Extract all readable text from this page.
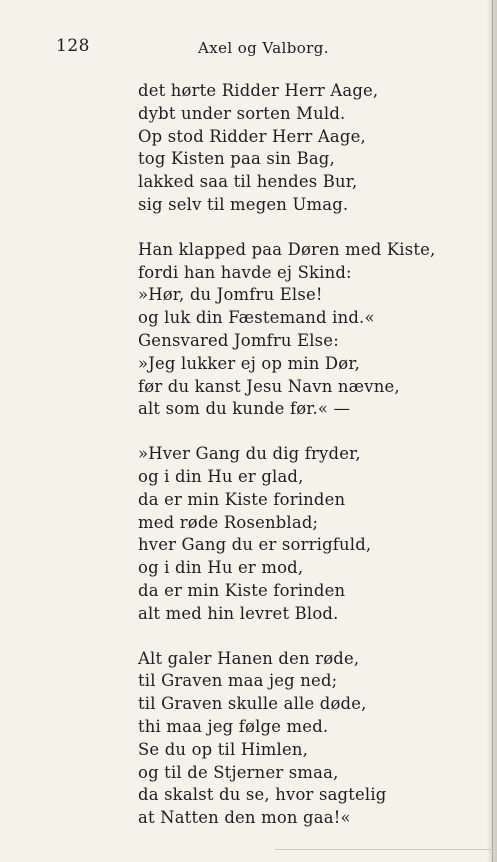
128	Axel og Valborg.
det hørte Ridder Herr Aage,
dybt under sorten Muld.
Op stod Ridder Herr Aage,
tog Kisten paa sin Bag,
lakked saa til hendes Bur,
sig selv til megen Umag.
Han klapped paa Døren med Kiste,
fordi han havde ej Skind:
»Hør, du Jomfru Else!
og luk din Fæstemand ind.«
Gensvared Jomfru Else:
»Jeg lukker ej op min Dør,
før du kanst Jesu Navn nævne,
alt som du kunde før.« —
»Hver Gang du dig fryder,
og i din Hu er glad,
da er min Kiste forinden
med røde Rosenblad;
hver Gang du er sorrigfuld,
og i din Hu er mod,
da er min Kiste forinden
alt med hin levret Blod.
Alt galer Hanen den røde,
til Graven maa jeg ned;
til Graven skulle alle døde,
thi maa jeg følge med.
Se du op til Himlen,
og til de Stjerner smaa,
da skalst du se, hvor sagtelig
at Natten den mon gaa!«
